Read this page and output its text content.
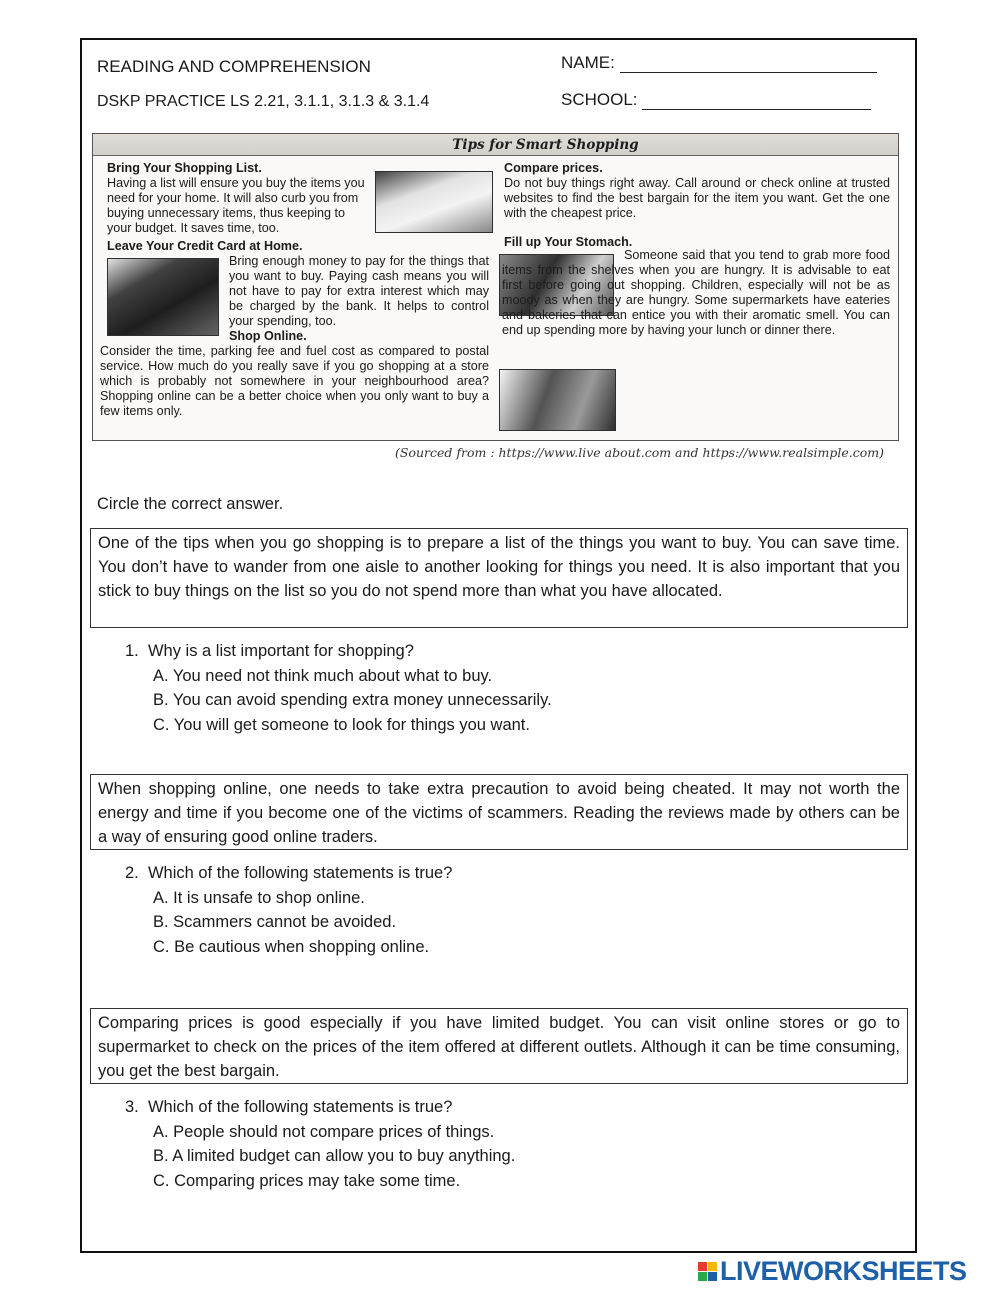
READING AND COMPREHENSION
DSKP PRACTICE LS 2.21, 3.1.1, 3.1.3 & 3.1.4
NAME:
SCHOOL:
Tips for Smart Shopping
Bring Your Shopping List.

Having a list will ensure you buy the items you need for your home. It will also curb you from buying unnecessary items, thus keeping to your budget. It saves time, too.

Leave Your Credit Card at Home.

Bring enough money to pay for the things that you want to buy. Paying cash means you will not have to pay for extra interest which may be charged by the bank. It helps to control your spending, too.

Shop Online.

Consider the time, parking fee and fuel cost as compared to postal service. How much do you really save if you go shopping at a store which is probably not somewhere in your neighbourhood area? Shopping online can be a better choice when you only want to buy a few items only.

Compare prices.

Do not buy things right away. Call around or check online at trusted websites to find the best bargain for the item you want. Get the one with the cheapest price.

Fill up Your Stomach.

Someone said that you tend to grab more food items from the shelves when you are hungry. It is advisable to eat first before going out shopping. Children, especially will not be as moody as when they are hungry. Some supermarkets have eateries and bakeries that can entice you with their aromatic smell. You can end up spending more by having your lunch or dinner there.

(Sourced from : https://www.live about.com and https://www.realsimple.com)
Circle the correct answer.
One of the tips when you go shopping is to prepare a list of the things you want to buy. You can save time. You don’t have to wander from one aisle to another looking for things you need. It is also important that you stick to buy things on the list so you do not spend more than what you have allocated.
1. Why is a list important for shopping?
A. You need not think much about what to buy.
B. You can avoid spending extra money unnecessarily.
C. You will get someone to look for things you want.
When shopping online, one needs to take extra precaution to avoid being cheated. It may not worth the energy and time if you become one of the victims of scammers. Reading the reviews made by others can be a way of ensuring good online traders.
2. Which of the following statements is true?
A. It is unsafe to shop online.
B. Scammers cannot be avoided.
C. Be cautious when shopping online.
Comparing prices is good especially if you have limited budget. You can visit online stores or go to supermarket to check on the prices of the item offered at different outlets. Although it can be time consuming, you get the best bargain.
3. Which of the following statements is true?
A. People should not compare prices of things.
B. A limited budget can allow you to buy anything.
C. Comparing prices may take some time.
LIVEWORKSHEETS
